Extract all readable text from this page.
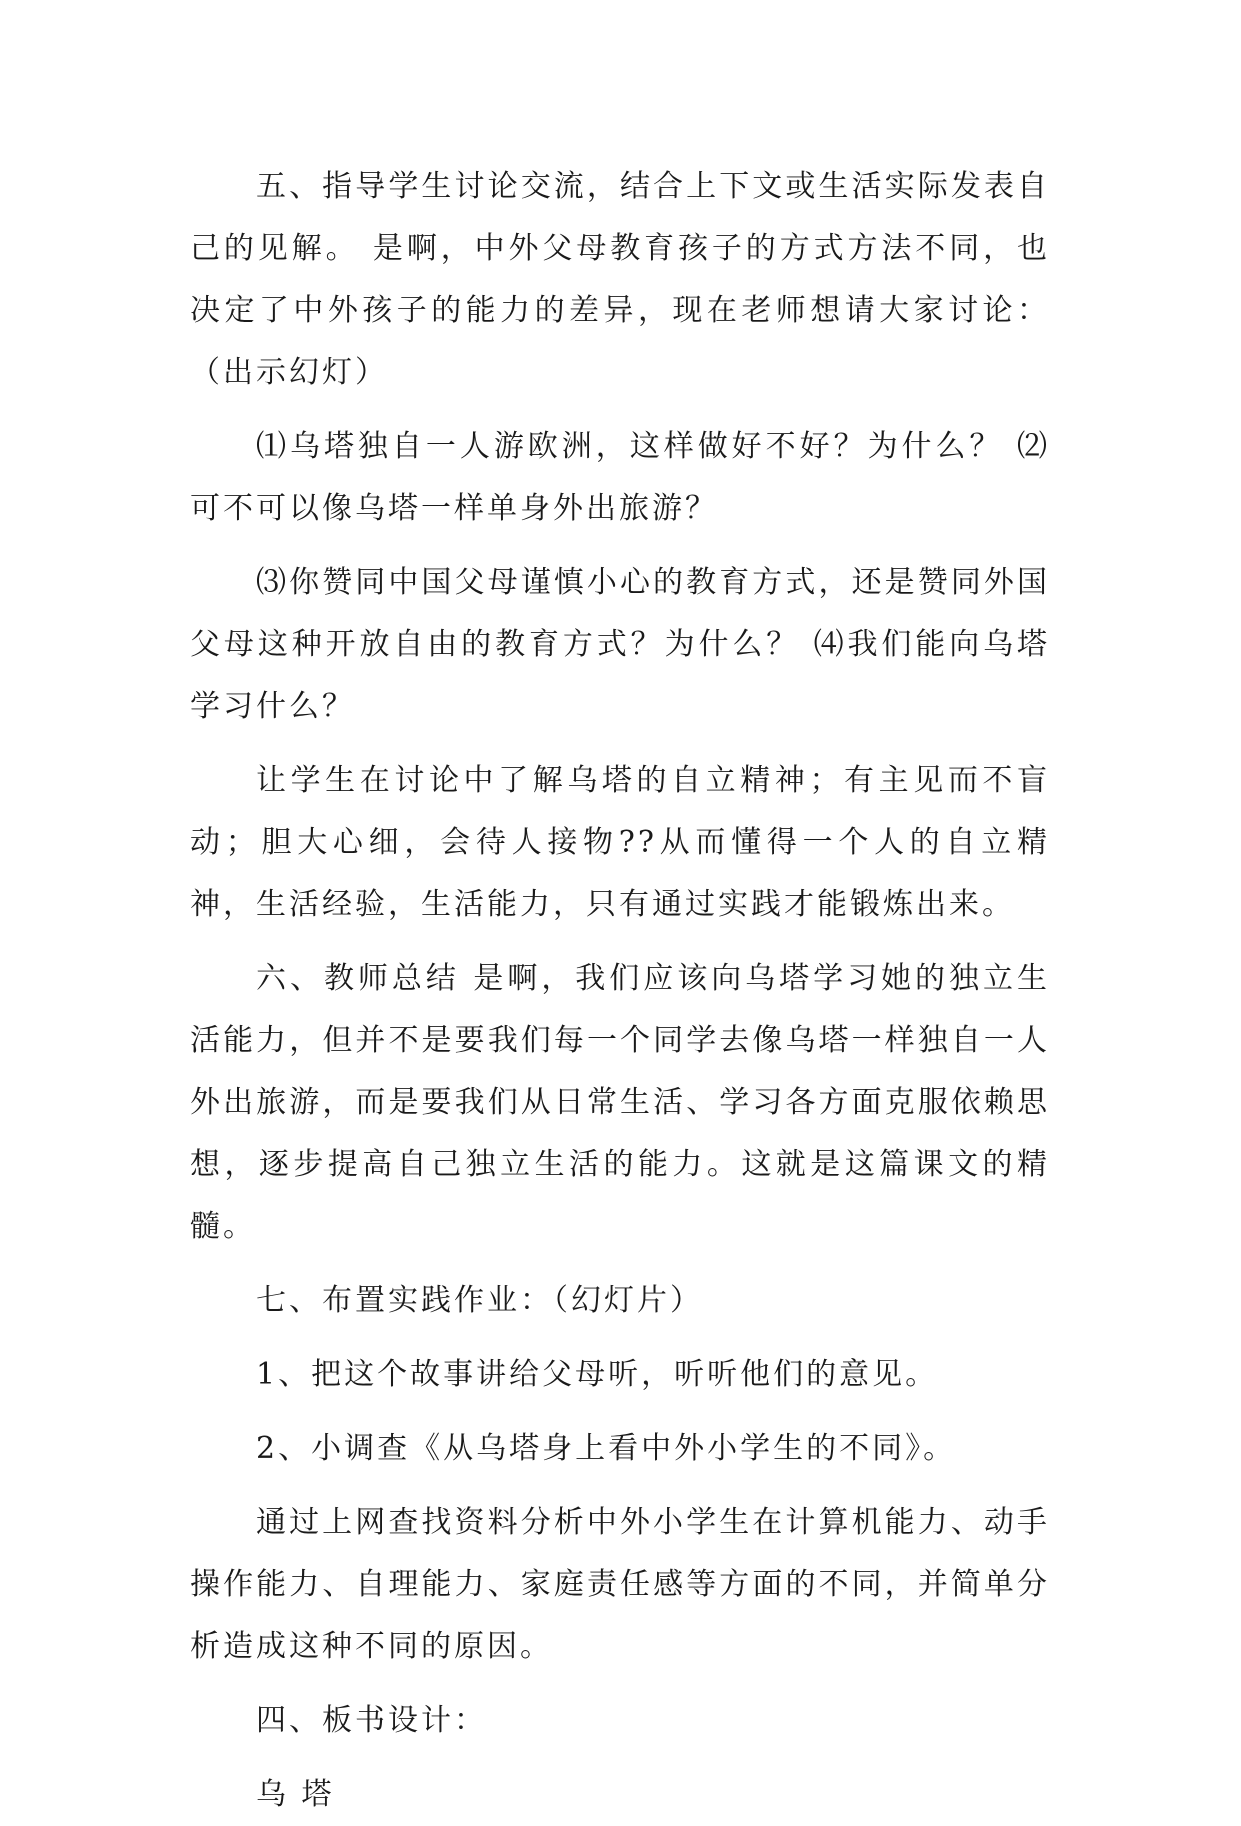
五、指导学生讨论交流，结合上下文或生活实际发表自己的见解。 是啊，中外父母教育孩子的方式方法不同，也决定了中外孩子的能力的差异，现在老师想请大家讨论：（出示幻灯）

⑴乌塔独自一人游欧洲，这样做好不好？为什么？ ⑵可不可以像乌塔一样单身外出旅游？

⑶你赞同中国父母谨慎小心的教育方式，还是赞同外国父母这种开放自由的教育方式？为什么？ ⑷我们能向乌塔学习什么？

让学生在讨论中了解乌塔的自立精神；有主见而不盲动；胆大心细，会待人接物??从而懂得一个人的自立精神，生活经验，生活能力，只有通过实践才能锻炼出来。

六、教师总结 是啊，我们应该向乌塔学习她的独立生活能力，但并不是要我们每一个同学去像乌塔一样独自一人外出旅游，而是要我们从日常生活、学习各方面克服依赖思想，逐步提高自己独立生活的能力。这就是这篇课文的精髓。

七、布置实践作业：（幻灯片）

1、把这个故事讲给父母听，听听他们的意见。

2、小调查《从乌塔身上看中外小学生的不同》。

通过上网查找资料分析中外小学生在计算机能力、动手操作能力、自理能力、家庭责任感等方面的不同，并简单分析造成这种不同的原因。

四、板书设计：

乌 塔
